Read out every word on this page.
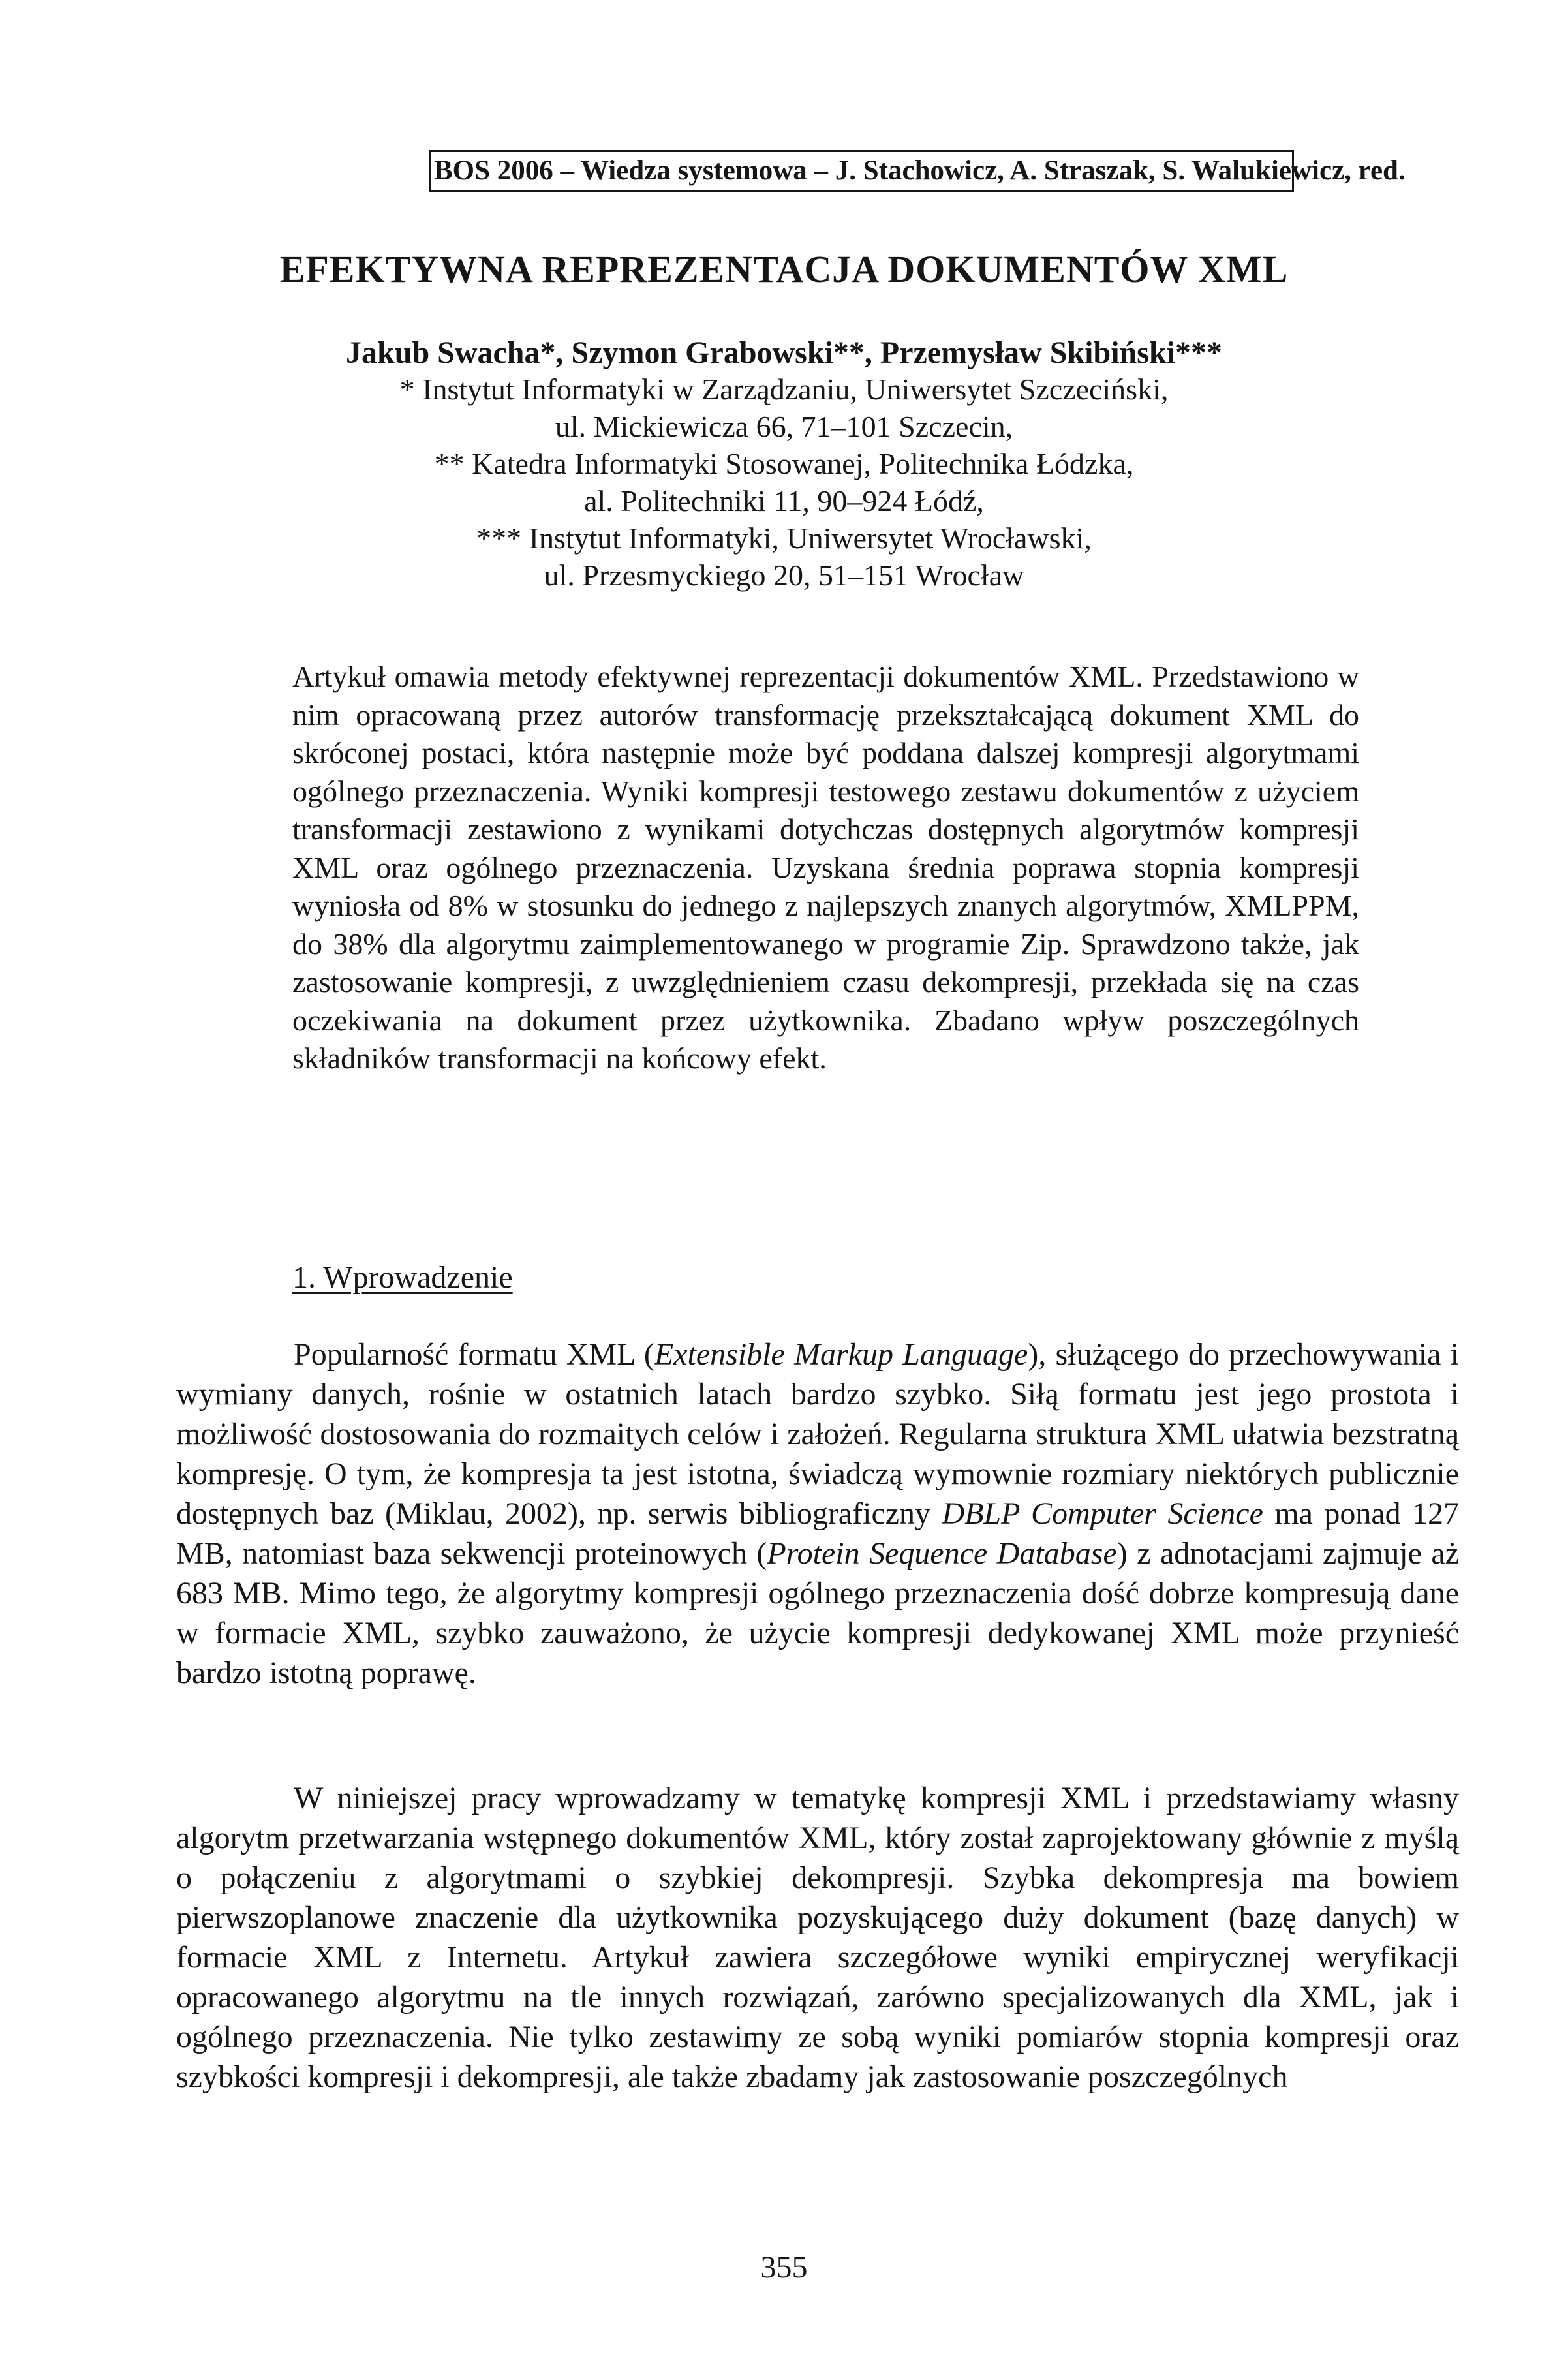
BOS 2006 – Wiedza systemowa – J. Stachowicz, A. Straszak, S. Walukiewicz, red.
EFEKTYWNA REPREZENTACJA DOKUMENTÓW XML
Jakub Swacha*, Szymon Grabowski**, Przemysław Skibiński***
* Instytut Informatyki w Zarządzaniu, Uniwersytet Szczeciński,
ul. Mickiewicza 66, 71–101 Szczecin,
** Katedra Informatyki Stosowanej, Politechnika Łódzka,
al. Politechniki 11, 90–924 Łódź,
*** Instytut Informatyki, Uniwersytet Wrocławski,
ul. Przesmyckiego 20, 51–151 Wrocław
Artykuł omawia metody efektywnej reprezentacji dokumentów XML. Przedstawiono w nim opracowaną przez autorów transformację przekształcającą dokument XML do skróconej postaci, która następnie może być poddana dalszej kompresji algorytmami ogólnego przeznaczenia. Wyniki kompresji testowego zestawu dokumentów z użyciem transformacji zestawiono z wynikami dotychczas dostępnych algorytmów kompresji XML oraz ogólnego przeznaczenia. Uzyskana średnia poprawa stopnia kompresji wyniosła od 8% w stosunku do jednego z najlepszych znanych algorytmów, XMLPPM, do 38% dla algorytmu zaimplementowanego w programie Zip. Sprawdzono także, jak zastosowanie kompresji, z uwzględnieniem czasu dekompresji, przekłada się na czas oczekiwania na dokument przez użytkownika. Zbadano wpływ poszczególnych składników transformacji na końcowy efekt.
1. Wprowadzenie
Popularność formatu XML (Extensible Markup Language), służącego do przechowywania i wymiany danych, rośnie w ostatnich latach bardzo szybko. Siłą formatu jest jego prostota i możliwość dostosowania do rozmaitych celów i założeń. Regularna struktura XML ułatwia bezstratną kompresję. O tym, że kompresja ta jest istotna, świadczą wymownie rozmiary niektórych publicznie dostępnych baz (Miklau, 2002), np. serwis bibliograficzny DBLP Computer Science ma ponad 127 MB, natomiast baza sekwencji proteinowych (Protein Sequence Database) z adnotacjami zajmuje aż 683 MB. Mimo tego, że algorytmy kompresji ogólnego przeznaczenia dość dobrze kompresują dane w formacie XML, szybko zauważono, że użycie kompresji dedykowanej XML może przynieść bardzo istotną poprawę.
W niniejszej pracy wprowadzamy w tematykę kompresji XML i przedstawiamy własny algorytm przetwarzania wstępnego dokumentów XML, który został zaprojektowany głównie z myślą o połączeniu z algorytmami o szybkiej dekompresji. Szybka dekompresja ma bowiem pierwszoplanowe znaczenie dla użytkownika pozyskującego duży dokument (bazę danych) w formacie XML z Internetu. Artykuł zawiera szczegółowe wyniki empirycznej weryfikacji opracowanego algorytmu na tle innych rozwiązań, zarówno specjalizowanych dla XML, jak i ogólnego przeznaczenia. Nie tylko zestawimy ze sobą wyniki pomiarów stopnia kompresji oraz szybkości kompresji i dekompresji, ale także zbadamy jak zastosowanie poszczególnych
355
